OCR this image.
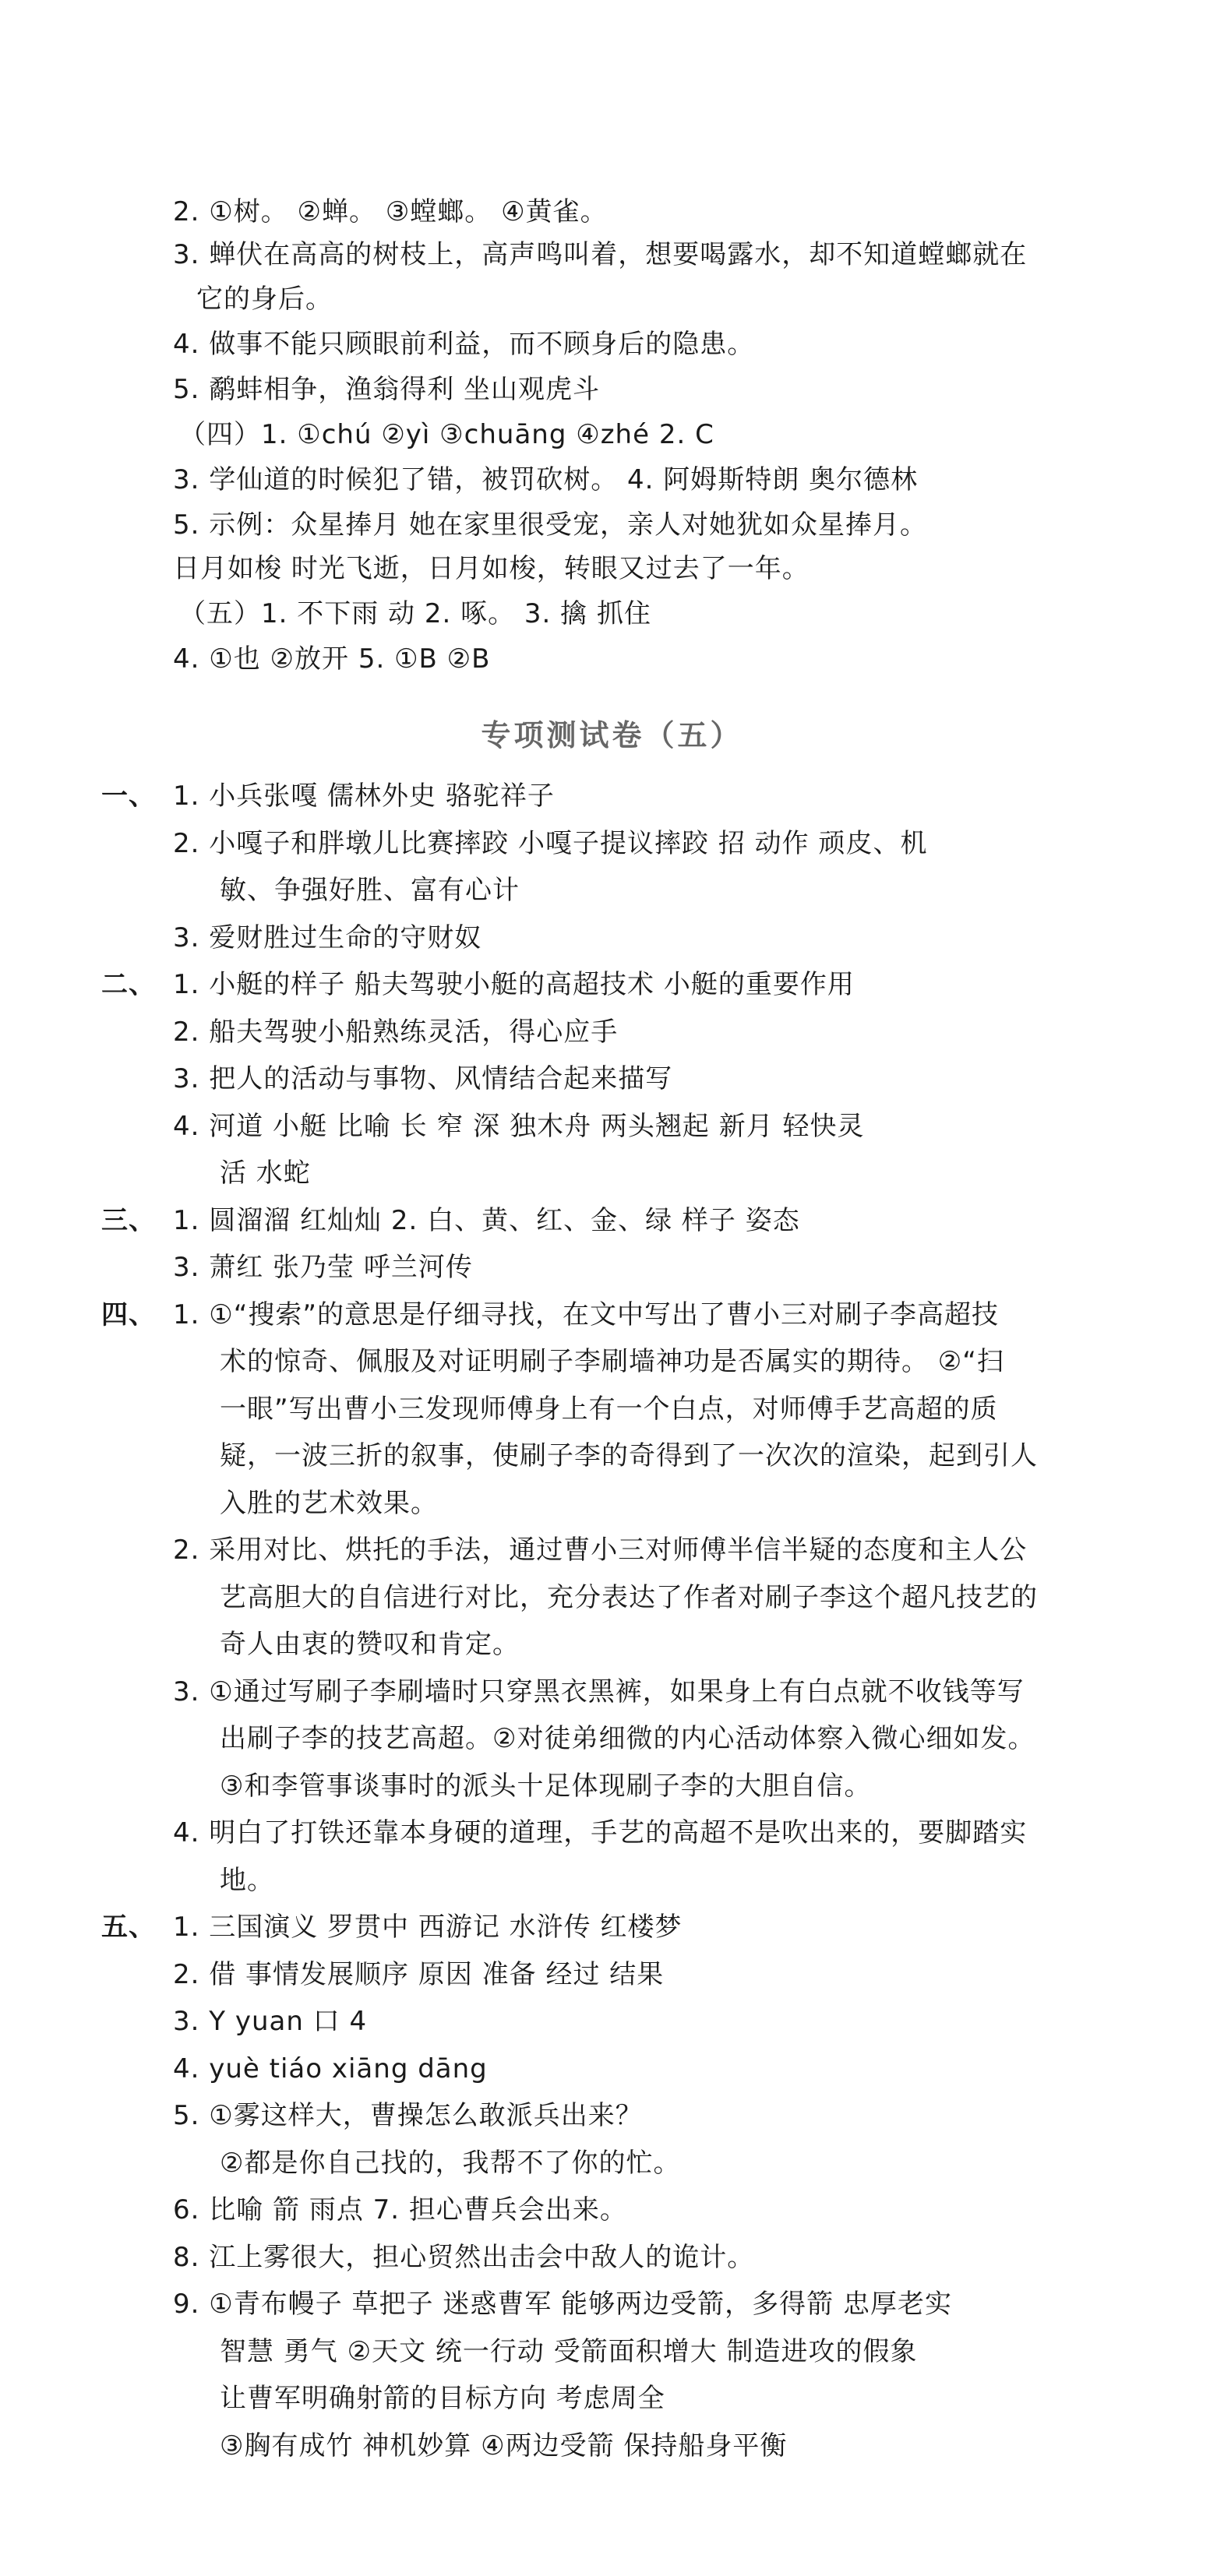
2. ①树。 ②蝉。 ③螳螂。 ④黄雀。
3. 蝉伏在高高的树枝上，高声鸣叫着，想要喝露水，却不知道螳螂就在
它的身后。
4. 做事不能只顾眼前利益，而不顾身后的隐患。
5. 鹬蚌相争，渔翁得利 坐山观虎斗
（四）1. ①chú ②yì ③chuāng ④zhé 2. C
3. 学仙道的时候犯了错，被罚砍树。 4. 阿姆斯特朗 奥尔德林
5. 示例：众星捧月 她在家里很受宠，亲人对她犹如众星捧月。
日月如梭 时光飞逝，日月如梭，转眼又过去了一年。
（五）1. 不下雨 动 2. 啄。 3. 擒 抓住
4. ①也 ②放开 5. ①B ②B
专项测试卷（五）
一、 1. 小兵张嘎 儒林外史 骆驼祥子
2. 小嘎子和胖墩儿比赛摔跤 小嘎子提议摔跤 招 动作 顽皮、机
敏、争强好胜、富有心计
3. 爱财胜过生命的守财奴
二、 1. 小艇的样子 船夫驾驶小艇的高超技术 小艇的重要作用
2. 船夫驾驶小船熟练灵活，得心应手
3. 把人的活动与事物、风情结合起来描写
4. 河道 小艇 比喻 长 窄 深 独木舟 两头翘起 新月 轻快灵
活 水蛇
三、 1. 圆溜溜 红灿灿 2. 白、黄、红、金、绿 样子 姿态
3. 萧红 张乃莹 呼兰河传
四、 1. ①“搜索”的意思是仔细寻找，在文中写出了曹小三对刷子李高超技
术的惊奇、佩服及对证明刷子李刷墙神功是否属实的期待。 ②“扫
一眼”写出曹小三发现师傅身上有一个白点，对师傅手艺高超的质
疑，一波三折的叙事，使刷子李的奇得到了一次次的渲染，起到引人
入胜的艺术效果。
2. 采用对比、烘托的手法，通过曹小三对师傅半信半疑的态度和主人公
艺高胆大的自信进行对比，充分表达了作者对刷子李这个超凡技艺的
奇人由衷的赞叹和肯定。
3. ①通过写刷子李刷墙时只穿黑衣黑裤，如果身上有白点就不收钱等写
出刷子李的技艺高超。②对徒弟细微的内心活动体察入微心细如发。
③和李管事谈事时的派头十足体现刷子李的大胆自信。
4. 明白了打铁还靠本身硬的道理，手艺的高超不是吹出来的，要脚踏实
地。
五、 1. 三国演义 罗贯中 西游记 水浒传 红楼梦
2. 借 事情发展顺序 原因 准备 经过 结果
3. Y yuan 口 4
4. yuè tiáo xiāng dāng
5. ①雾这样大，曹操怎么敢派兵出来？
②都是你自己找的，我帮不了你的忙。
6. 比喻 箭 雨点 7. 担心曹兵会出来。
8. 江上雾很大，担心贸然出击会中敌人的诡计。
9. ①青布幔子 草把子 迷惑曹军 能够两边受箭，多得箭 忠厚老实
智慧 勇气 ②天文 统一行动 受箭面积增大 制造进攻的假象
让曹军明确射箭的目标方向 考虑周全
③胸有成竹 神机妙算 ④两边受箭 保持船身平衡
